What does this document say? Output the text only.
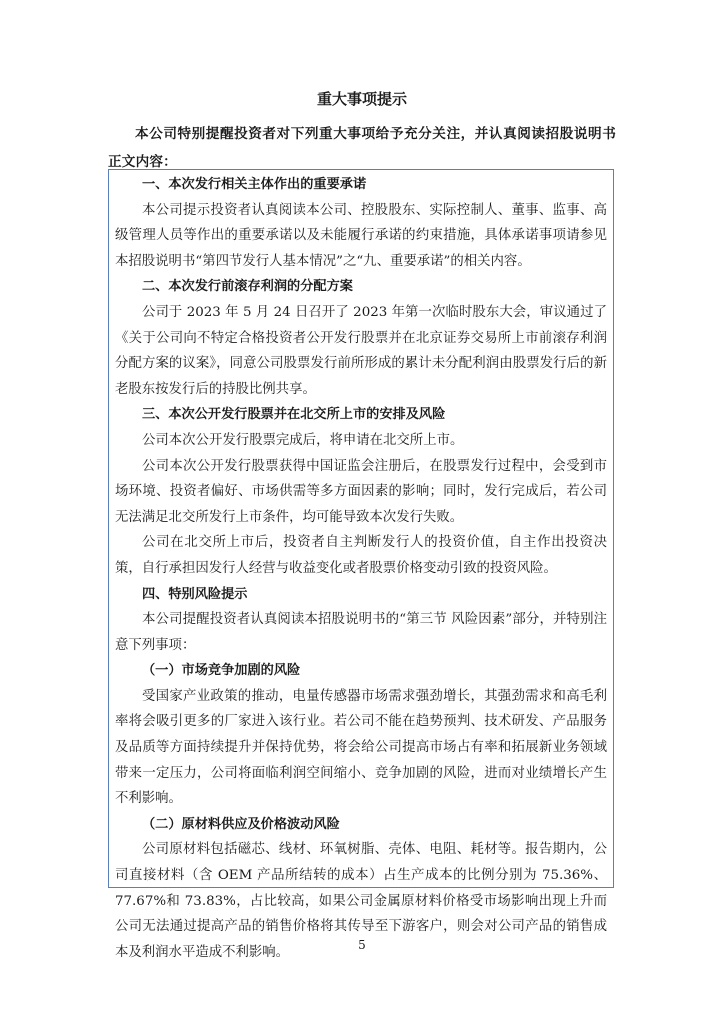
重大事项提示
本公司特别提醒投资者对下列重大事项给予充分关注，并认真阅读招股说明书正文内容：

一、本次发行相关主体作出的重要承诺

本公司提示投资者认真阅读本公司、控股股东、实际控制人、董事、监事、高级管理人员等作出的重要承诺以及未能履行承诺的约束措施，具体承诺事项请参见本招股说明书“第四节发行人基本情况”之“九、重要承诺”的相关内容。

二、本次发行前滚存利润的分配方案

公司于 2023 年 5 月 24 日召开了 2023 年第一次临时股东大会，审议通过了《关于公司向不特定合格投资者公开发行股票并在北京证券交易所上市前滚存利润分配方案的议案》，同意公司股票发行前所形成的累计未分配利润由股票发行后的新老股东按发行后的持股比例共享。

三、本次公开发行股票并在北交所上市的安排及风险

公司本次公开发行股票完成后，将申请在北交所上市。

公司本次公开发行股票获得中国证监会注册后，在股票发行过程中，会受到市场环境、投资者偏好、市场供需等多方面因素的影响；同时，发行完成后，若公司无法满足北交所发行上市条件，均可能导致本次发行失败。

公司在北交所上市后，投资者自主判断发行人的投资价值，自主作出投资决策，自行承担因发行人经营与收益变化或者股票价格变动引致的投资风险。

四、特别风险提示

本公司提醒投资者认真阅读本招股说明书的“第三节 风险因素”部分，并特别注意下列事项：

（一）市场竞争加剧的风险

受国家产业政策的推动，电量传感器市场需求强劲增长，其强劲需求和高毛利率将会吸引更多的厂家进入该行业。若公司不能在趋势预判、技术研发、产品服务及品质等方面持续提升并保持优势，将会给公司提高市场占有率和拓展新业务领域带来一定压力，公司将面临利润空间缩小、竞争加剧的风险，进而对业绩增长产生不利影响。

（二）原材料供应及价格波动风险

公司原材料包括磁芯、线材、环氧树脂、壳体、电阻、耗材等。报告期内，公司直接材料（含 OEM 产品所结转的成本）占生产成本的比例分别为 75.36%、77.67%和 73.83%，占比较高，如果公司金属原材料价格受市场影响出现上升而公司无法通过提高产品的销售价格将其传导至下游客户，则会对公司产品的销售成本及利润水平造成不利影响。	5
